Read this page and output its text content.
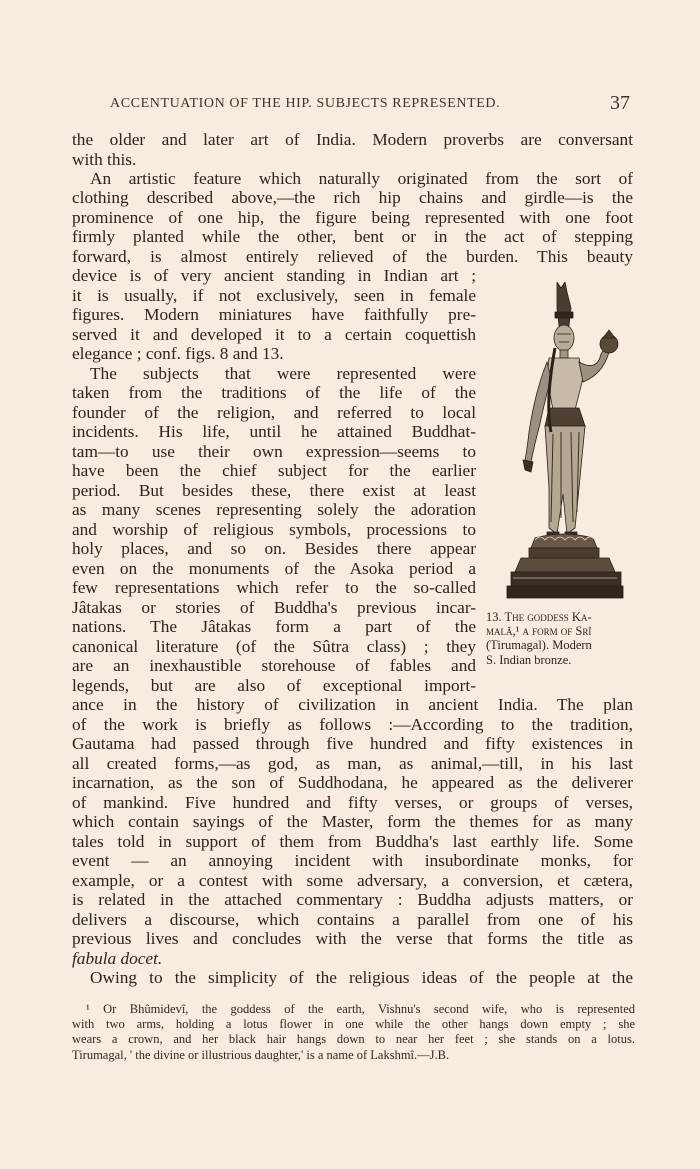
ACCENTUATION OF THE HIP. SUBJECTS REPRESENTED.	37
the older and later art of India. Modern proverbs are conversant
with this.
An artistic feature which naturally originated from the sort of
clothing described above,—the rich hip chains and girdle—is the
prominence of one hip, the figure being represented with one foot
firmly planted while the other, bent or in the act of stepping
forward, is almost entirely relieved of the burden. This beauty
device is of very ancient standing in Indian art ;
it is usually, if not exclusively, seen in female
figures. Modern miniatures have faithfully pre-
served it and developed it to a certain coquettish
elegance ; conf. figs. 8 and 13.
The subjects that were represented were
taken from the traditions of the life of the
founder of the religion, and referred to local
incidents. His life, until he attained Buddhat-
tam—to use their own expression—seems to
have been the chief subject for the earlier
period. But besides these, there exist at least
as many scenes representing solely the adoration
and worship of religious symbols, processions to
holy places, and so on. Besides there appear
even on the monuments of the Asoka period a
few representations which refer to the so-called
Jâtakas or stories of Buddha's previous incar-
nations. The Jâtakas form a part of the
canonical literature (of the Sûtra class) ; they
are an inexhaustible storehouse of fables and
legends, but are also of exceptional import-
ance in the history of civilization in ancient India. The plan
of the work is briefly as follows :—According to the tradition,
Gautama had passed through five hundred and fifty existences in
all created forms,—as god, as man, as animal,—till, in his last
incarnation, as the son of Suddhodana, he appeared as the deliverer
of mankind. Five hundred and fifty verses, or groups of verses,
which contain sayings of the Master, form the themes for as many
tales told in support of them from Buddha's last earthly life. Some
event — an annoying incident with insubordinate monks, for
example, or a contest with some adversary, a conversion, et cætera,
is related in the attached commentary : Buddha adjusts matters, or
delivers a discourse, which contains a parallel from one of his
previous lives and concludes with the verse that forms the title as
fabula docet.
Owing to the simplicity of the religious ideas of the people at the
13. The goddess Ka-
malâ,¹ a form of Srî
(Tirumagal). Modern
S. Indian bronze.
¹ Or Bhûmidevî, the goddess of the earth, Vishnu's second wife, who is represented
with two arms, holding a lotus flower in one while the other hangs down empty ; she
wears a crown, and her black hair hangs down to near her feet ; she stands on a lotus.
Tirumagal, ' the divine or illustrious daughter,' is a name of Lakshmî.—J.B.
